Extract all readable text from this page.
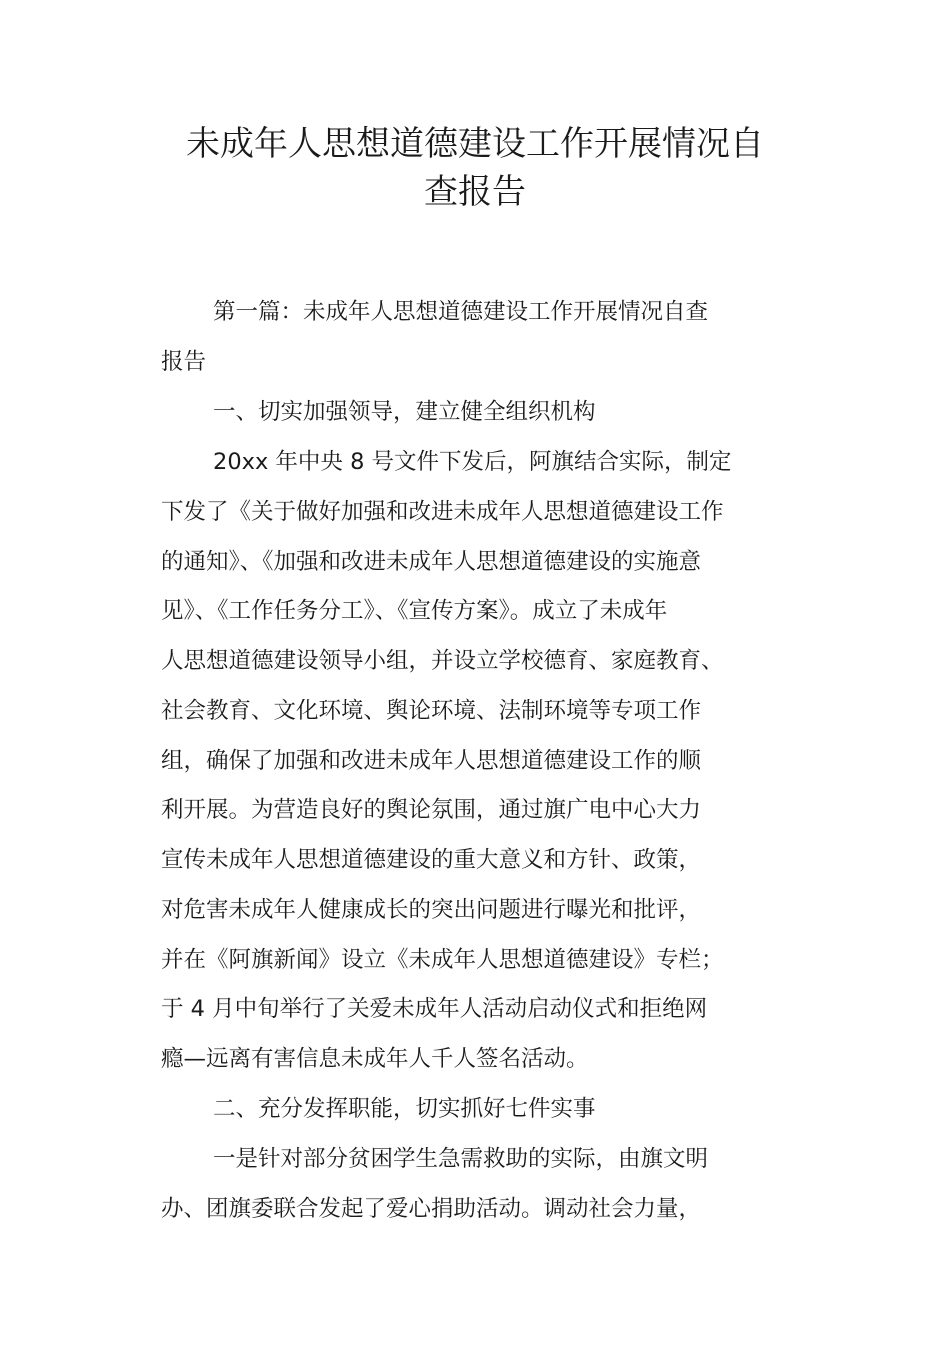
未成年人思想道德建设工作开展情况自
查报告
第一篇：未成年人思想道德建设工作开展情况自查
报告
一、切实加强领导，建立健全组织机构
20xx 年中央 8 号文件下发后，阿旗结合实际，制定
下发了《关于做好加强和改进未成年人思想道德建设工作
的通知》、《加强和改进未成年人思想道德建设的实施意
见》、《工作任务分工》、《宣传方案》。成立了未成年
人思想道德建设领导小组，并设立学校德育、家庭教育、
社会教育、文化环境、舆论环境、法制环境等专项工作
组，确保了加强和改进未成年人思想道德建设工作的顺
利开展。为营造良好的舆论氛围，通过旗广电中心大力
宣传未成年人思想道德建设的重大意义和方针、政策，
对危害未成年人健康成长的突出问题进行曝光和批评，
并在《阿旗新闻》设立《未成年人思想道德建设》专栏；
于 4 月中旬举行了关爱未成年人活动启动仪式和拒绝网
瘾—远离有害信息未成年人千人签名活动。
二、充分发挥职能，切实抓好七件实事
一是针对部分贫困学生急需救助的实际，由旗文明
办、团旗委联合发起了爱心捐助活动。调动社会力量，
